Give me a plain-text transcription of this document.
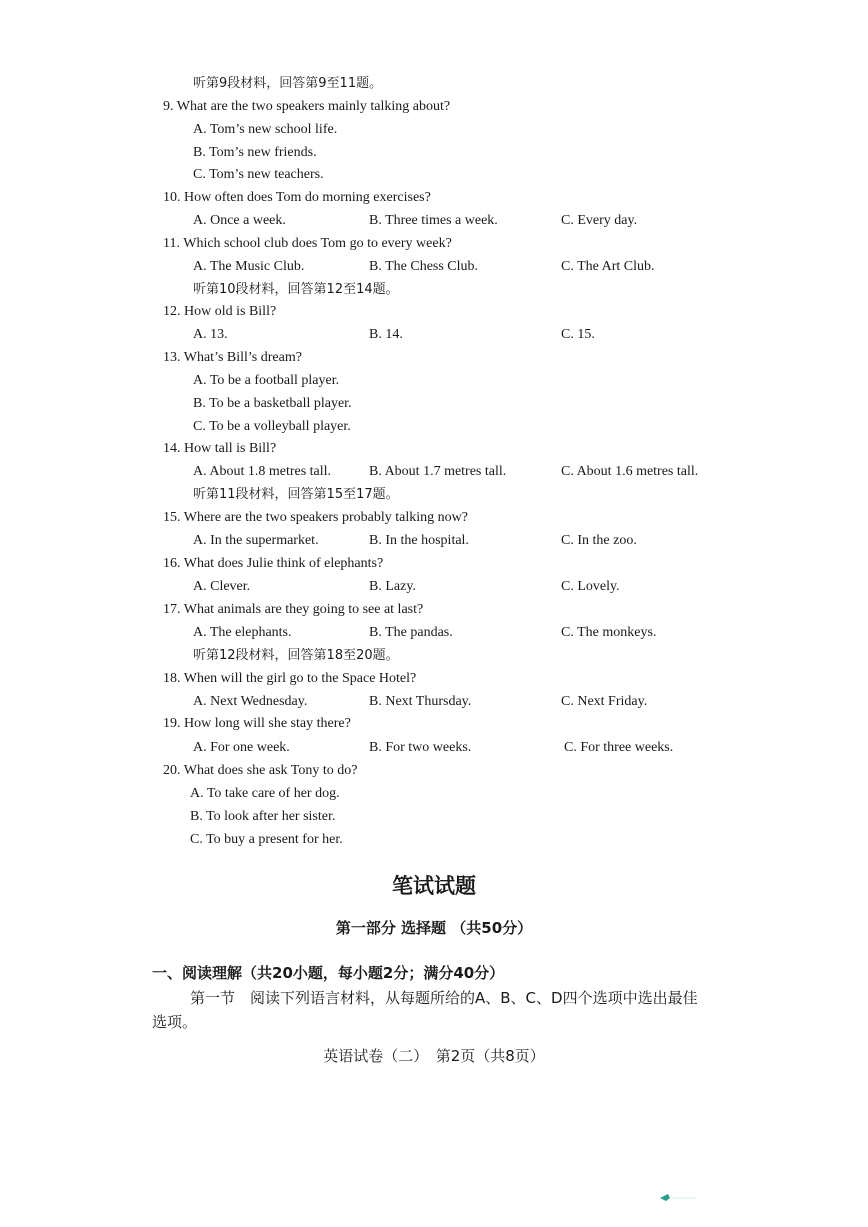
听第9段材料，回答第9至11题。
9. What are the two speakers mainly talking about?
A. Tom’s new school life.
B. Tom’s new friends.
C. Tom’s new teachers.
10. How often does Tom do morning exercises?
A. Once a week.	B. Three times a week.	C. Every day.
11. Which school club does Tom go to every week?
A. The Music Club.	B. The Chess Club.	C. The Art Club.
听第10段材料，回答第12至14题。
12. How old is Bill?
A. 13.	B. 14.	C. 15.
13. What’s Bill’s dream?
A. To be a football player.
B. To be a basketball player.
C. To be a volleyball player.
14. How tall is Bill?
A. About 1.8 metres tall.	B. About 1.7 metres tall.	C. About 1.6 metres tall.
听第11段材料，回答第15至17题。
15. Where are the two speakers probably talking now?
A. In the supermarket.	B. In the hospital.	C. In the zoo.
16. What does Julie think of elephants?
A. Clever.	B. Lazy.	C. Lovely.
17. What animals are they going to see at last?
A. The elephants.	B. The pandas.	C. The monkeys.
听第12段材料，回答第18至20题。
18. When will the girl go to the Space Hotel?
A. Next Wednesday.	B. Next Thursday.	C. Next Friday.
19. How long will she stay there?
A. For one week.	B. For two weeks.	C. For three weeks.
20. What does she ask Tony to do?
A. To take care of her dog.
B. To look after her sister.
C. To buy a present for her.
笔试试题
第一部分 选择题 （共50分）
一、阅读理解（共20小题，每小题2分；满分40分）
第一节　阅读下列语言材料，从每题所给的A、B、C、D四个选项中选出最佳
选项。
英语试卷（二）　第2页（共8页）
